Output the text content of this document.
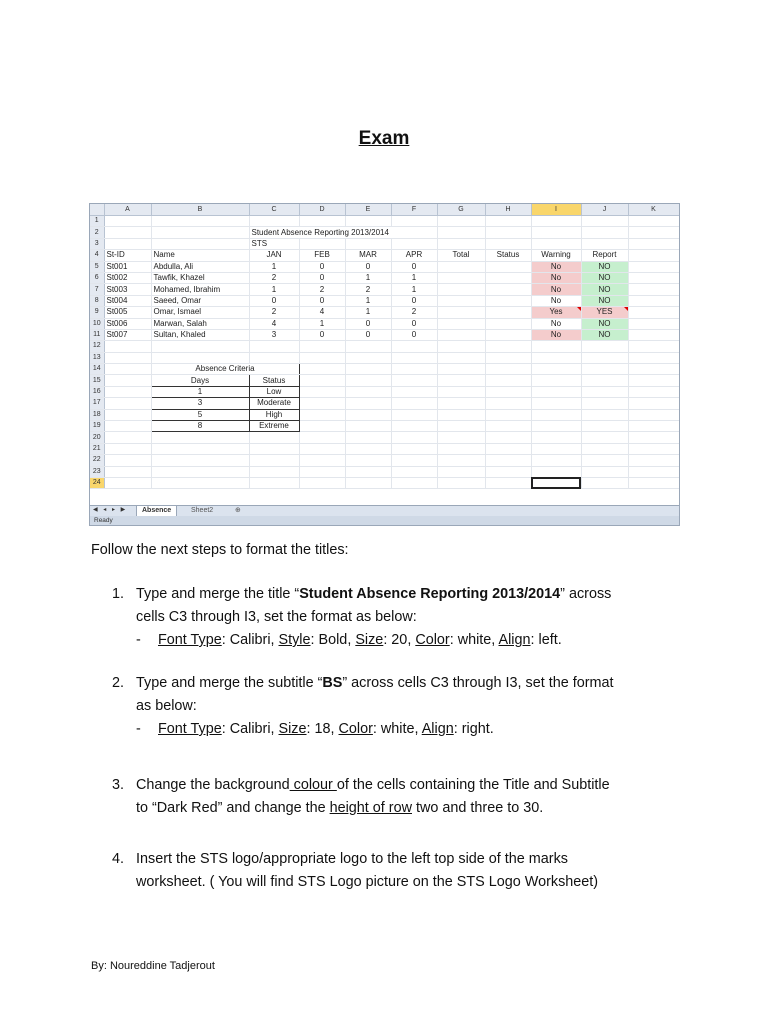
Exam
	A	B	C	D	E	F	G	H	I	J	K
1											
2			Student Absence Reporting 2013/2014								
3			STS								
4	St-ID	Name	JAN	FEB	MAR	APR	Total	Status	Warning	Report	
5	St001	Abdulla, Ali	1	0	0	0			No	NO	
6	St002	Tawfik, Khazel	2	0	1	1			No	NO	
7	St003	Mohamed, Ibrahim	1	2	2	1			No	NO	
8	St004	Saeed, Omar	0	0	1	0			No	NO	
9	St005	Omar, Ismael	2	4	1	2			Yes	YES	
10	St006	Marwan, Salah	4	1	0	0			No	NO	
11	St007	Sultan, Khaled	3	0	0	0			No	NO	
12											
13											
14		Absence Criteria									
15		Days	Status								
16		1	Low								
17		3	Moderate								
18		5	High								
19		8	Extreme								
20											
21											
22											
23											
24											
◀ ◂ ▸ ▶	Absence	Sheet2	⊕
Ready
Follow the next steps to format the titles:
1. Type and merge the title “Student Absence Reporting 2013/2014” across
cells C3 through I3, set the format as below:
- Font Type: Calibri, Style: Bold, Size: 20, Color: white, Align: left.
2. Type and merge the subtitle “BS” across cells C3 through I3, set the format
as below:
- Font Type: Calibri, Size: 18, Color: white, Align: right.
3. Change the background colour of the cells containing the Title and Subtitle
to “Dark Red” and change the height of row two and three to 30.
4. Insert the STS logo/appropriate logo to the left top side of the marks
worksheet. ( You will find STS Logo picture on the STS Logo Worksheet)
By: Noureddine Tadjerout
